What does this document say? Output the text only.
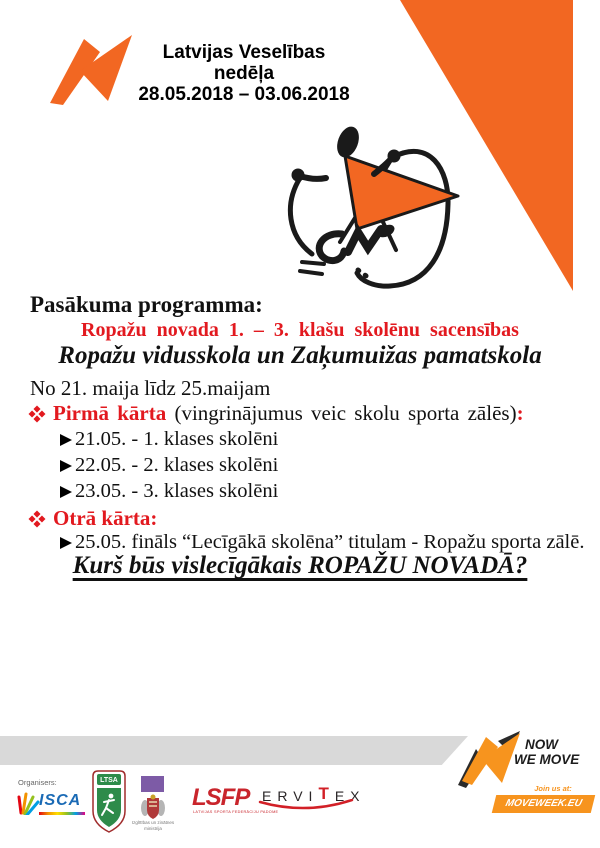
Latvijas Veselības nedēļa
28.05.2018 – 03.06.2018
Pasākuma programma:
Ropažu novada 1. – 3. klašu skolēnu sacensības
Ropažu vidusskola un Zaķumuižas pamatskola
No 21. maija līdz 25.maijam
Pirmā kārta (vingrinājumus veic skolu sporta zālēs):
21.05. - 1. klases skolēni
22.05. - 2. klases skolēni
23.05. - 3. klases skolēni
Otrā kārta:
25.05. fināls “Lecīgākā skolēna” titulam - Ropažu sporta zālē.
Kurš būs vislecīgākais ROPAŽU NOVADĀ?
Organisers:
ISCA
LTSA
Izglītības un zinātnes
ministrija
LSFP
LATVIJAS SPORTA FEDERĀCIJU PADOME
ERVITEX
NOW
WE MOVE
Join us at:
MOVEWEEK.EU
